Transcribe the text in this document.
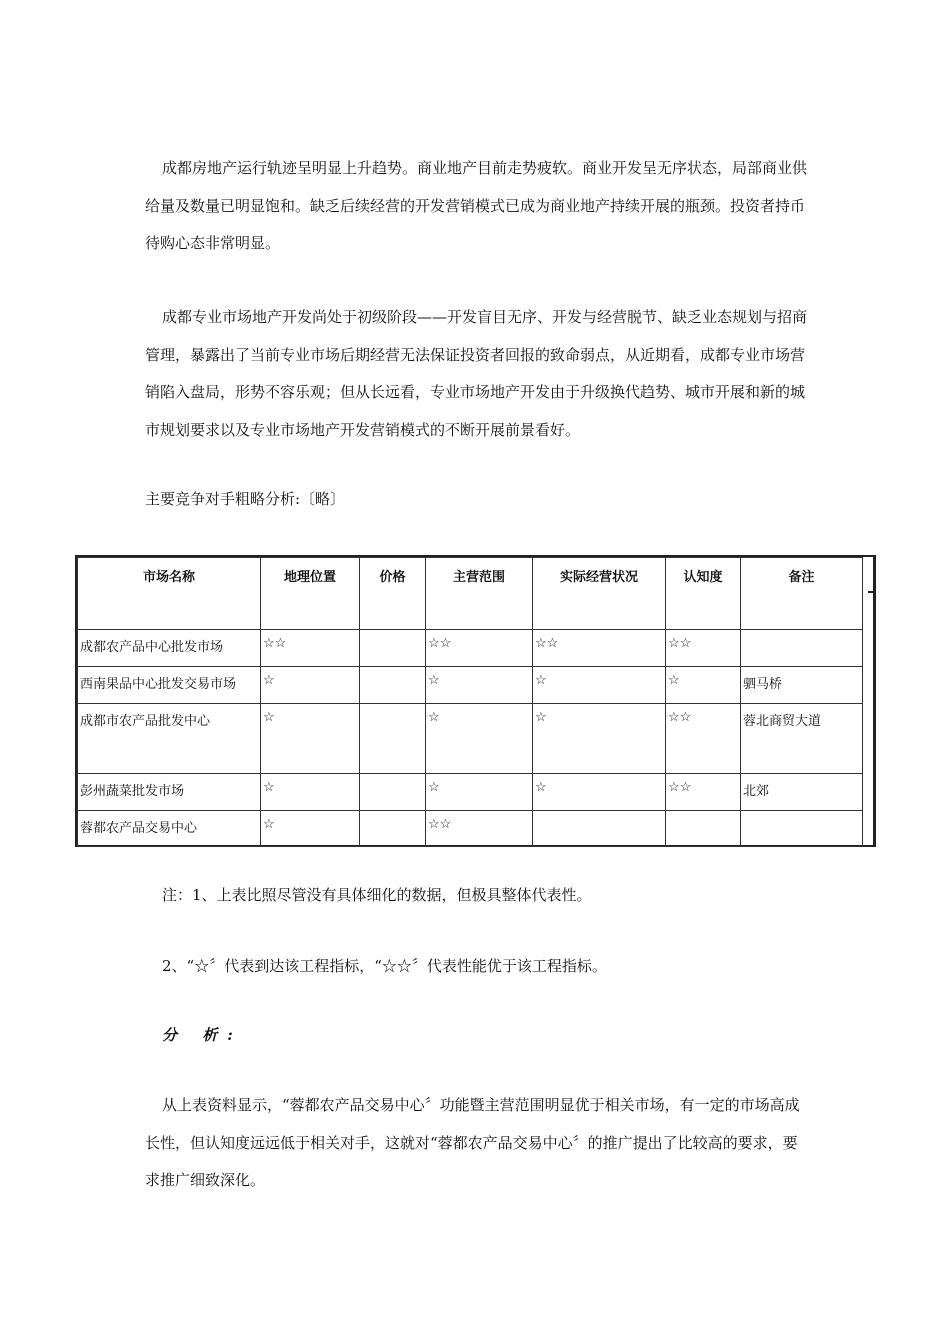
成都房地产运行轨迹呈明显上升趋势。商业地产目前走势疲软。商业开发呈无序状态，局部商业供给量及数量已明显饱和。缺乏后续经营的开发营销模式已成为商业地产持续开展的瓶颈。投资者持币待购心态非常明显。

成都专业市场地产开发尚处于初级阶段——开发盲目无序、开发与经营脱节、缺乏业态规划与招商管理，暴露出了当前专业市场后期经营无法保证投资者回报的致命弱点，从近期看，成都专业市场营销陷入盘局，形势不容乐观；但从长远看，专业市场地产开发由于升级换代趋势、城市开展和新的城市规划要求以及专业市场地产开发营销模式的不断开展前景看好。

主要竞争对手粗略分析:〔略〕

市场名称	地理位置	价格	主营范围	实际经营状况	认知度	备注
成都农产品中心批发市场	☆☆		☆☆	☆☆	☆☆	
西南果品中心批发交易市场	☆		☆	☆	☆	驷马桥
成都市农产品批发中心	☆		☆	☆	☆☆	蓉北商贸大道
彭州蔬菜批发市场	☆		☆	☆	☆☆	北郊
蓉都农产品交易中心	☆		☆☆			

注：1、上表比照尽管没有具体细化的数据，但极具整体代表性。

2、“☆〞代表到达该工程指标，“☆☆〞代表性能优于该工程指标。

分 析:

从上表资料显示，“蓉都农产品交易中心〞功能暨主营范围明显优于相关市场，有一定的市场高成长性，但认知度远远低于相关对手，这就对“蓉都农产品交易中心〞的推广提出了比较高的要求，要求推广细致深化。
